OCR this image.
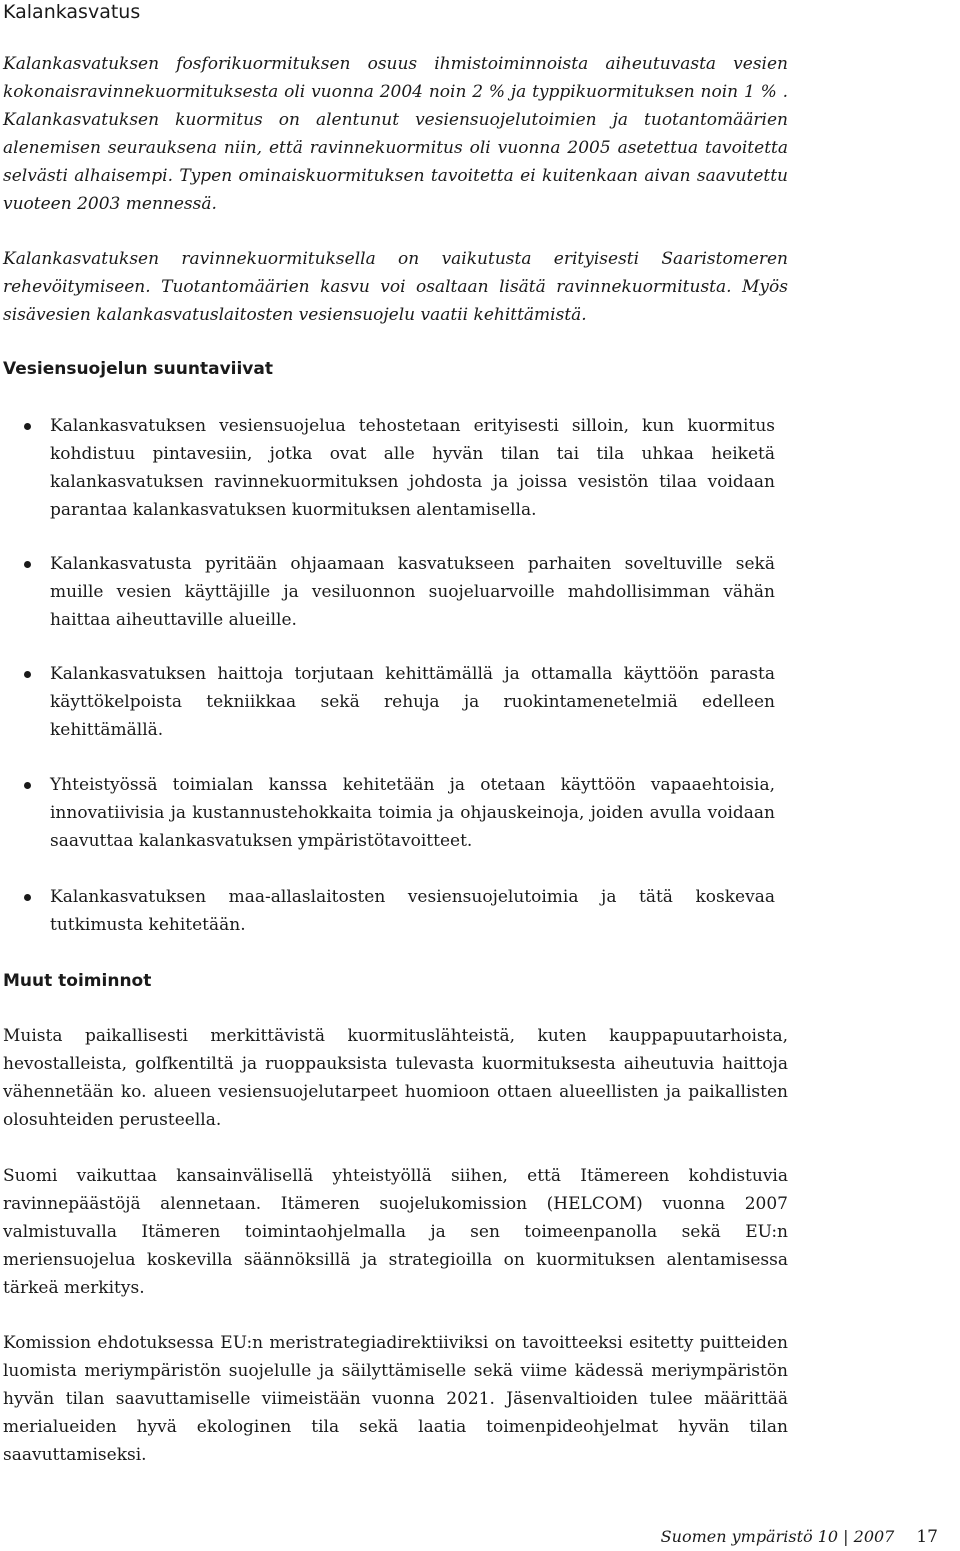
Kalankasvatus

Kalankasvatuksen fosforikuormituksen osuus ihmistoiminnoista aiheutuvasta vesien kokonaisravinnekuormituksesta oli vuonna 2004 noin 2 % ja typpikuormituksen noin 1 % . Kalankasvatuksen kuormitus on alentunut vesiensuojelutoimien ja tuotantomäärien alenemisen seurauksena niin, että ravinnekuormitus oli vuonna 2005 asetettua tavoitetta selvästi alhaisempi. Typen ominaiskuormituksen tavoitetta ei kuitenkaan aivan saavutettu vuoteen 2003 mennessä.

Kalankasvatuksen ravinnekuormituksella on vaikutusta erityisesti Saaristomeren rehevöitymiseen. Tuotantomäärien kasvu voi osaltaan lisätä ravinnekuormitusta. Myös sisävesien kalankasvatuslaitosten vesiensuojelu vaatii kehittämistä.

Vesiensuojelun suuntaviivat
Kalankasvatuksen vesiensuojelua tehostetaan erityisesti silloin, kun kuormitus kohdistuu pintavesiin, jotka ovat alle hyvän tilan tai tila uhkaa heiketä kalankasvatuksen ravinnekuormituksen johdosta ja joissa vesistön tilaa voidaan parantaa kalankasvatuksen kuormituksen alentamisella.
Kalankasvatusta pyritään ohjaamaan kasvatukseen parhaiten soveltuville sekä muille vesien käyttäjille ja vesiluonnon suojeluarvoille mahdollisimman vähän haittaa aiheuttaville alueille.
Kalankasvatuksen haittoja torjutaan kehittämällä ja ottamalla käyttöön parasta käyttökelpoista tekniikkaa sekä rehuja ja ruokintamenetelmiä edelleen kehittämällä.
Yhteistyössä toimialan kanssa kehitetään ja otetaan käyttöön vapaaehtoisia, innovatiivisia ja kustannustehokkaita toimia ja ohjauskeinoja, joiden avulla voidaan saavuttaa kalankasvatuksen ympäristötavoitteet.
Kalankasvatuksen maa-allaslaitosten vesiensuojelutoimia ja tätä koskevaa tutkimusta kehitetään.
Muut toiminnot

Muista paikallisesti merkittävistä kuormituslähteistä, kuten kauppapuutarhoista, hevostalleista, golfkentiltä ja ruoppauksista tulevasta kuormituksesta aiheutuvia haittoja vähennetään ko. alueen vesiensuojelutarpeet huomioon ottaen alueellisten ja paikallisten olosuhteiden perusteella.

Suomi vaikuttaa kansainvälisellä yhteistyöllä siihen, että Itämereen kohdistuvia ravinnepäästöjä alennetaan. Itämeren suojelukomission (HELCOM) vuonna 2007 valmistuvalla Itämeren toimintaohjelmalla ja sen toimeenpanolla sekä EU:n meriensuojelua koskevilla säännöksillä ja strategioilla on kuormituksen alentamisessa tärkeä merkitys.

Komission ehdotuksessa EU:n meristrategiadirektiiviksi on tavoitteeksi esitetty puitteiden luomista meriympäristön suojelulle ja säilyttämiselle sekä viime kädessä meriympäristön hyvän tilan saavuttamiselle viimeistään vuonna 2021. Jäsenvaltioiden tulee määrittää merialueiden hyvä ekologinen tila sekä laatia toimenpideohjelmat hyvän tilan saavuttamiseksi.

Suomen ympäristö 10 | 2007 17
